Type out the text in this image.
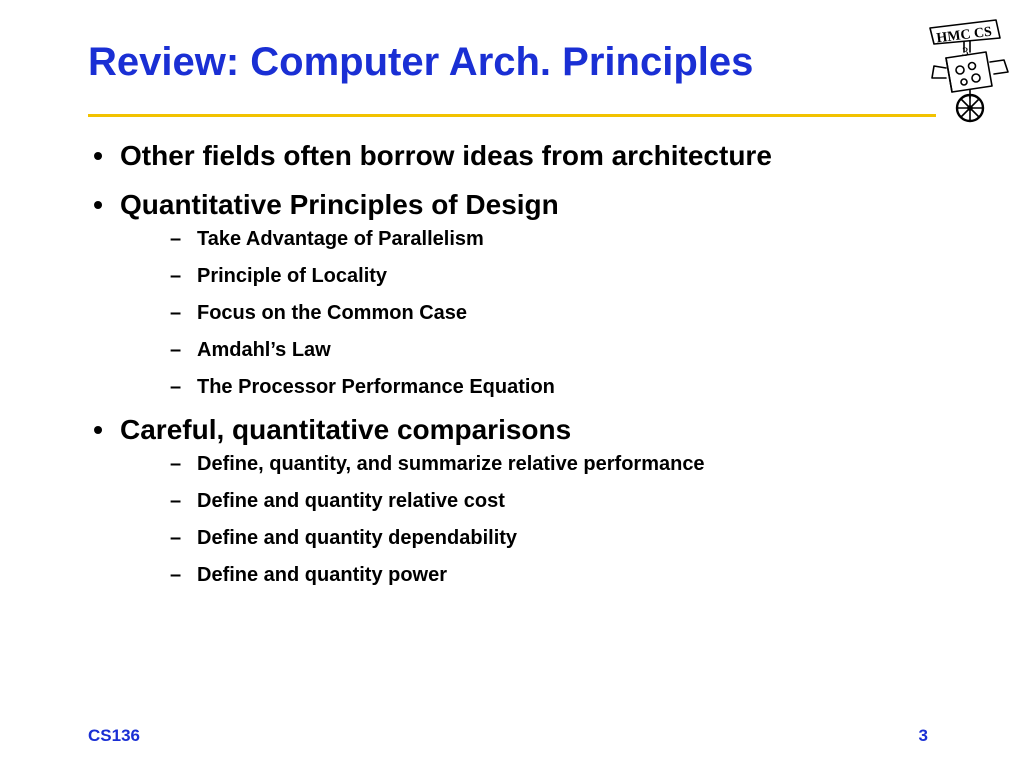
Review: Computer Arch. Principles
HMC CS
3
• Other fields often borrow ideas from architecture
• Quantitative Principles of Design
– Take Advantage of Parallelism
– Principle of Locality
– Focus on the Common Case
– Amdahl’s Law
– The Processor Performance Equation
• Careful, quantitative comparisons
– Define, quantity, and summarize relative performance
– Define and quantity relative cost
– Define and quantity dependability
– Define and quantity power
CS136	3
